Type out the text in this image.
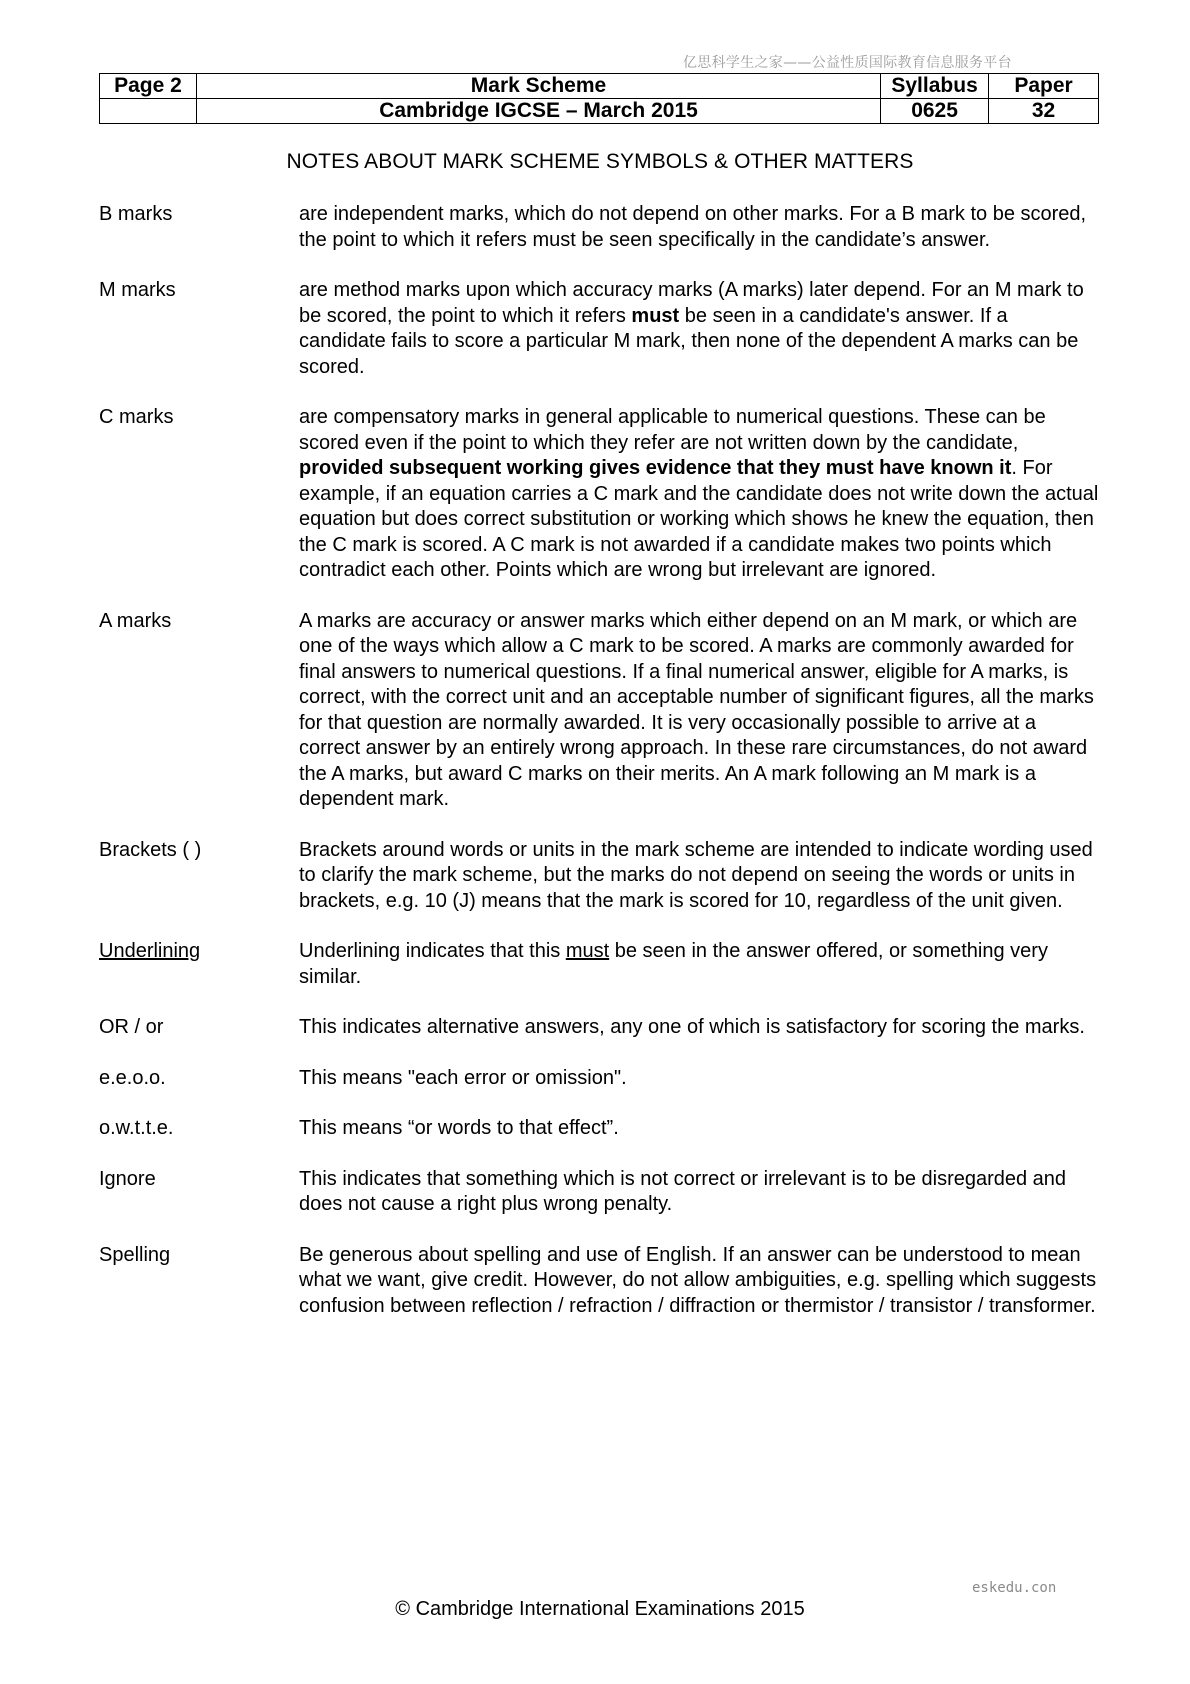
亿思科学生之家——公益性质国际教育信息服务平台
Page 2	Mark Scheme	Syllabus	Paper
	Cambridge IGCSE – March 2015	0625	32
NOTES ABOUT MARK SCHEME SYMBOLS & OTHER MATTERS
B marks	are independent marks, which do not depend on other marks. For a B mark to be scored, the point to which it refers must be seen specifically in the candidate’s answer.
M marks	are method marks upon which accuracy marks (A marks) later depend. For an M mark to be scored, the point to which it refers must be seen in a candidate's answer. If a candidate fails to score a particular M mark, then none of the dependent A marks can be scored.
C marks	are compensatory marks in general applicable to numerical questions. These can be scored even if the point to which they refer are not written down by the candidate, provided subsequent working gives evidence that they must have known it. For example, if an equation carries a C mark and the candidate does not write down the actual equation but does correct substitution or working which shows he knew the equation, then the C mark is scored. A C mark is not awarded if a candidate makes two points which contradict each other. Points which are wrong but irrelevant are ignored.
A marks	A marks are accuracy or answer marks which either depend on an M mark, or which are one of the ways which allow a C mark to be scored. A marks are commonly awarded for final answers to numerical questions. If a final numerical answer, eligible for A marks, is correct, with the correct unit and an acceptable number of significant figures, all the marks for that question are normally awarded. It is very occasionally possible to arrive at a correct answer by an entirely wrong approach. In these rare circumstances, do not award the A marks, but award C marks on their merits. An A mark following an M mark is a dependent mark.
Brackets ( )	Brackets around words or units in the mark scheme are intended to indicate wording used to clarify the mark scheme, but the marks do not depend on seeing the words or units in brackets, e.g. 10 (J) means that the mark is scored for 10, regardless of the unit given.
Underlining	Underlining indicates that this must be seen in the answer offered, or something very similar.
OR / or	This indicates alternative answers, any one of which is satisfactory for scoring the marks.
e.e.o.o.	This means "each error or omission".
o.w.t.t.e.	This means “or words to that effect”.
Ignore	This indicates that something which is not correct or irrelevant is to be disregarded and does not cause a right plus wrong penalty.
Spelling	Be generous about spelling and use of English. If an answer can be understood to mean what we want, give credit. However, do not allow ambiguities, e.g. spelling which suggests confusion between reflection / refraction / diffraction or thermistor / transistor / transformer.
eskedu.con
© Cambridge International Examinations 2015
